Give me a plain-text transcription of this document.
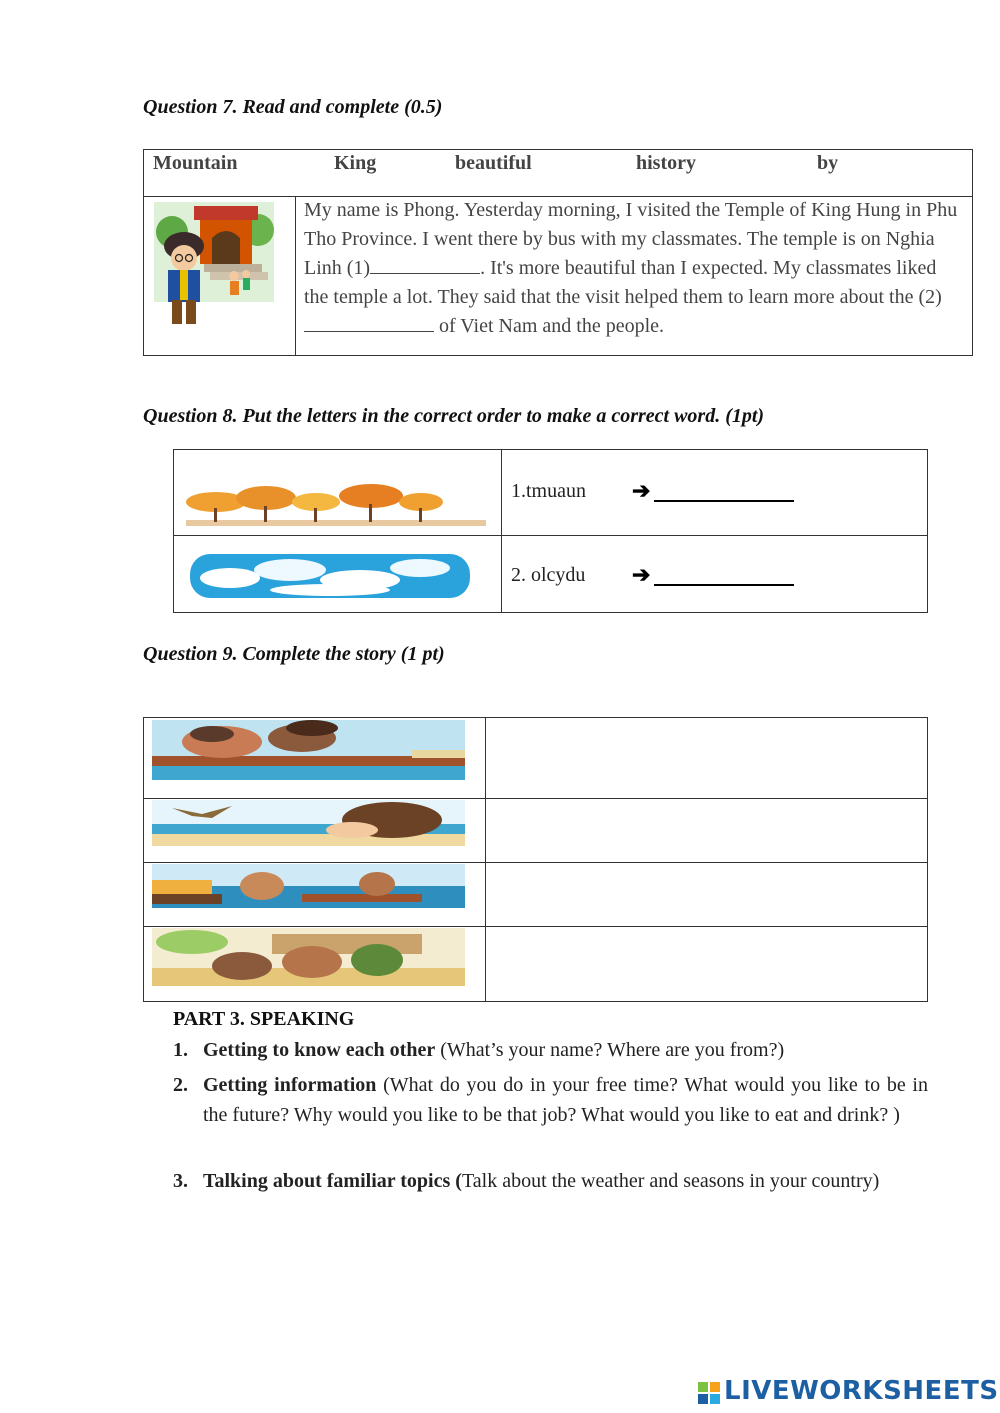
Question 7. Read and complete (0.5)
Mountain	King	beautiful	history	by
My name is Phong. Yesterday morning, I visited the Temple of King Hung in Phu Tho Province. I went there by bus with my classmates. The temple is on Nghia Linh (1)	. It's more beautiful than I expected. My classmates liked the temple a lot. They said that the visit helped them to learn more about the (2) of Viet Nam and the people.
Question 8. Put the letters in the correct order to make a correct word. (1pt)
1.tmuaun ➔
2. olcydu ➔
Question 9. Complete the story (1 pt)
PART 3. SPEAKING
1. Getting to know each other (What’s your name? Where are you from?)
2. Getting information (What do you do in your free time? What would you like to be in the future? Why would you like to be that job? What would you like to eat and drink? )
3. Talking about familiar topics (Talk about the weather and seasons in your country)
LIVEWORKSHEETS
